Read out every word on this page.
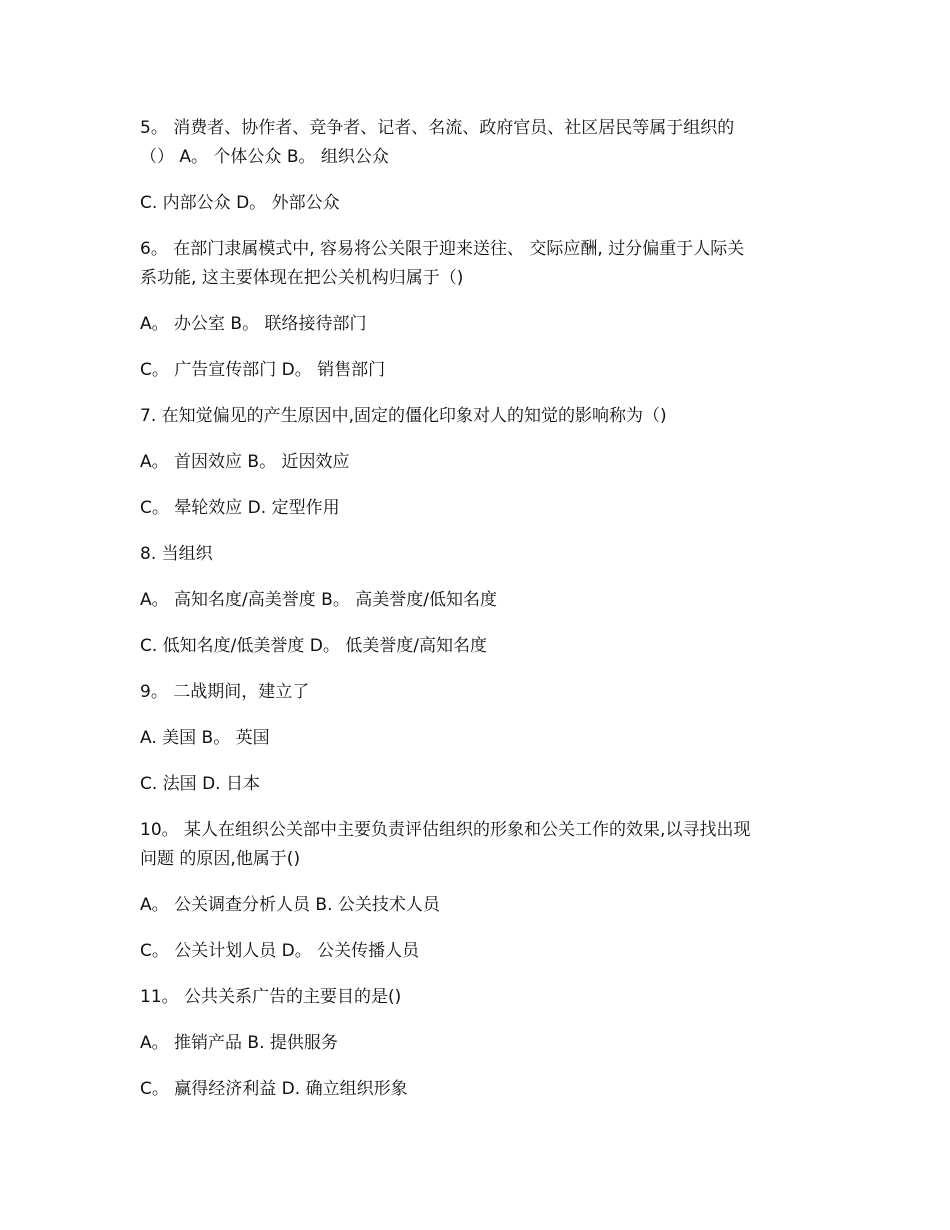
5。 消费者、协作者、竞争者、记者、名流、政府官员、社区居民等属于组织的

（） A。 个体公众 B。 组织公众

C. 内部公众 D。 外部公众

6。 在部门隶属模式中, 容易将公关限于迎来送往、 交际应酬, 过分偏重于人际关

系功能, 这主要体现在把公关机构归属于（)

A。 办公室 B。 联络接待部门

C。 广告宣传部门 D。 销售部门

7. 在知觉偏见的产生原因中,固定的僵化印象对人的知觉的影响称为（)

A。 首因效应 B。 近因效应

C。 晕轮效应 D. 定型作用

8. 当组织

A。 高知名度/高美誉度 B。 高美誉度/低知名度

C. 低知名度/低美誉度 D。 低美誉度/高知名度

9。 二战期间，建立了

A. 美国 B。 英国

C. 法国 D. 日本

10。 某人在组织公关部中主要负责评估组织的形象和公关工作的效果,以寻找出现

问题 的原因,他属于()

A。 公关调查分析人员 B. 公关技术人员

C。 公关计划人员 D。 公关传播人员

11。 公共关系广告的主要目的是()

A。 推销产品 B. 提供服务

C。 赢得经济利益 D. 确立组织形象
